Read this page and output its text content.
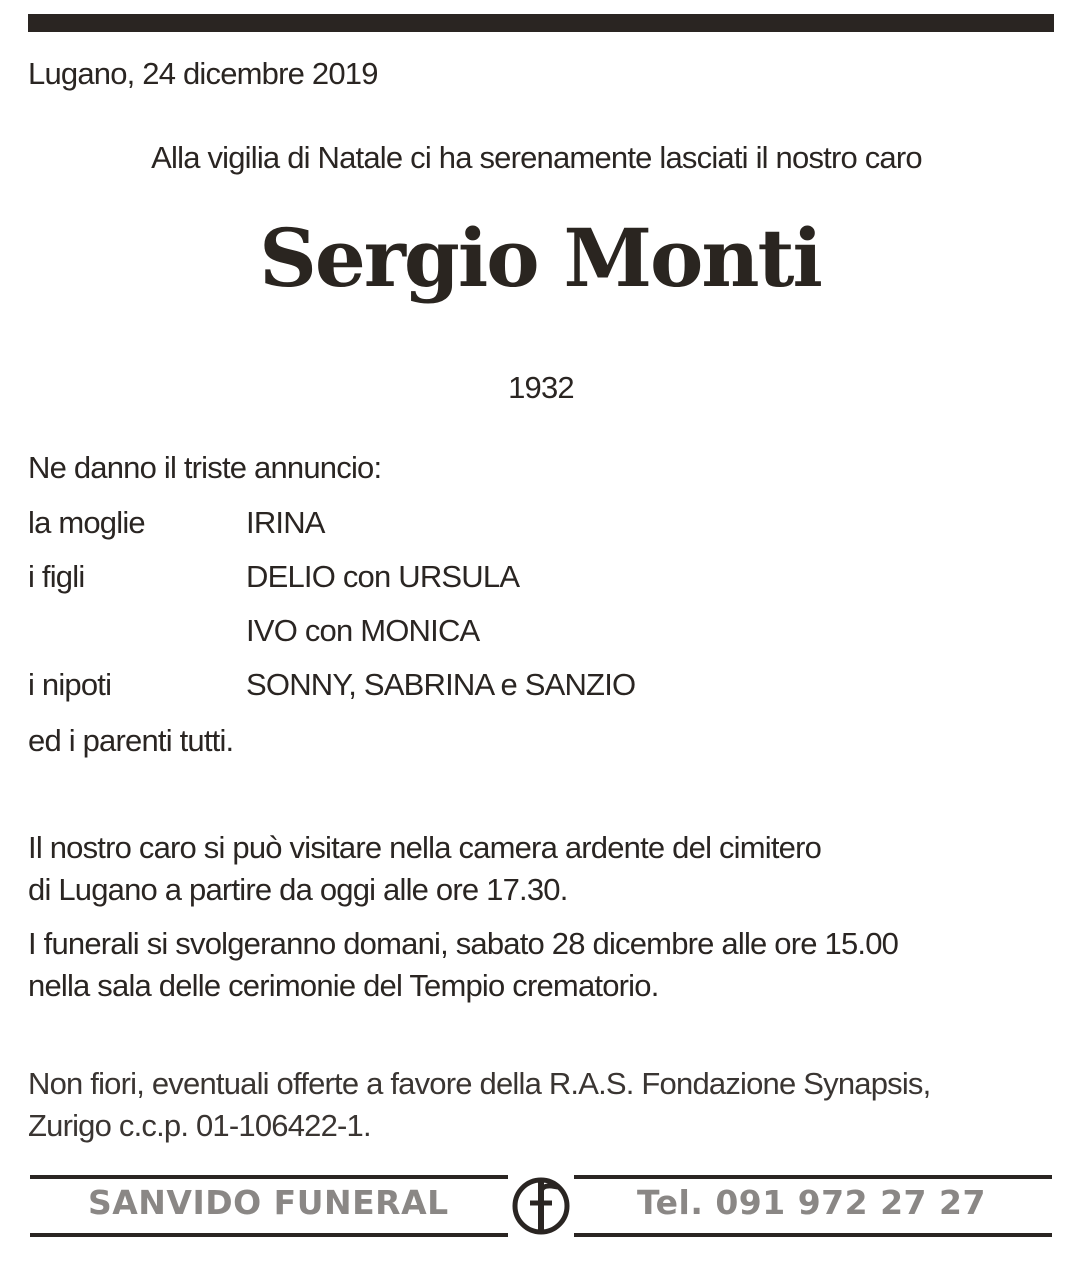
Lugano, 24 dicembre 2019
Alla vigilia di Natale ci ha serenamente lasciati il nostro caro
Sergio Monti
1932
Ne danno il triste annuncio:
la moglie	IRINA
i figli	DELIO con URSULA
IVO con MONICA
i nipoti	SONNY, SABRINA e SANZIO
ed i parenti tutti.
Il nostro caro si può visitare nella camera ardente del cimitero
di Lugano a partire da oggi alle ore 17.30.
I funerali si svolgeranno domani, sabato 28 dicembre alle ore 15.00
nella sala delle cerimonie del Tempio crematorio.
Non fiori, eventuali offerte a favore della R.A.S. Fondazione Synapsis,
Zurigo c.c.p. 01-106422-1.
SANVIDO FUNERAL	Tel. 091 972 27 27
